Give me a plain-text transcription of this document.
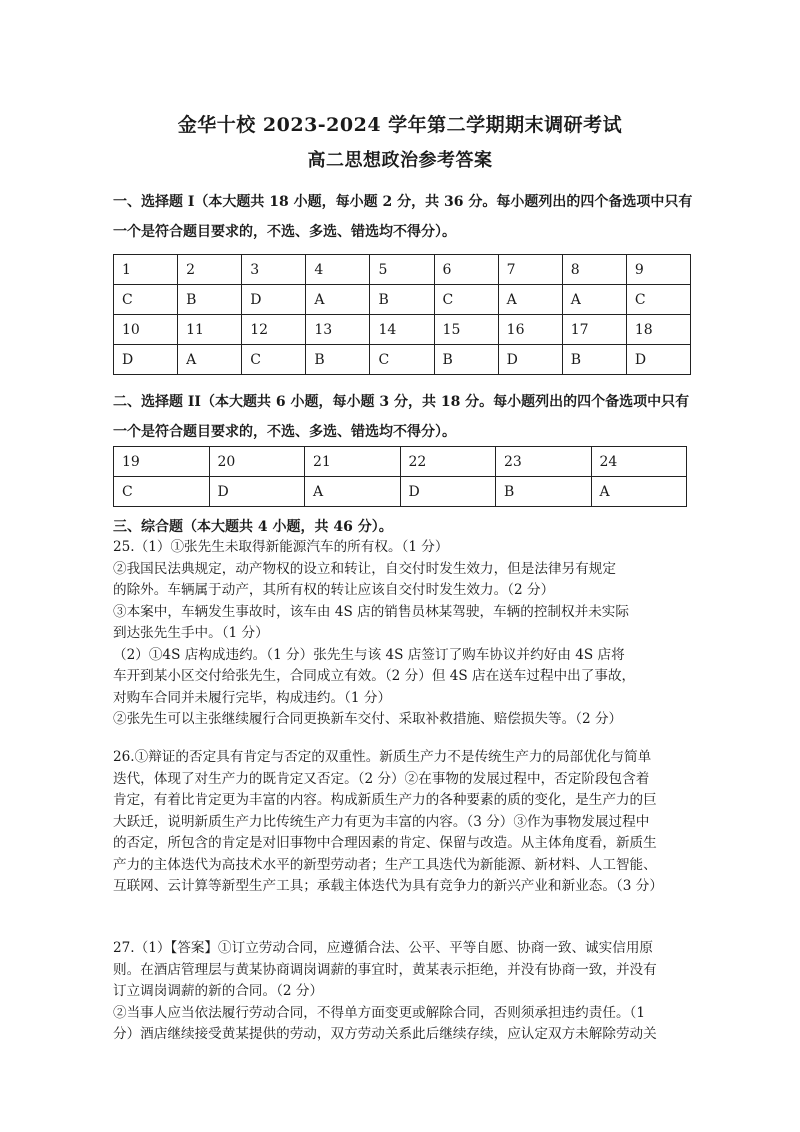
金华十校 2023-2024 学年第二学期期末调研考试
高二思想政治参考答案
一、选择题 I（本大题共 18 小题，每小题 2 分，共 36 分。每小题列出的四个备选项中只有
一个是符合题目要求的，不选、多选、错选均不得分）。
1	2	3	4	5	6	7	8	9
C	B	D	A	B	C	A	A	C
10	11	12	13	14	15	16	17	18
D	A	C	B	C	B	D	B	D
二、选择题 II（本大题共 6 小题，每小题 3 分，共 18 分。每小题列出的四个备选项中只有
一个是符合题目要求的，不选、多选、错选均不得分）。
19	20	21	22	23	24
C	D	A	D	B	A
三、综合题（本大题共 4 小题，共 46 分）。
25.（1）①张先生未取得新能源汽车的所有权。（1 分）
②我国民法典规定，动产物权的设立和转让，自交付时发生效力，但是法律另有规定
的除外。车辆属于动产，其所有权的转让应该自交付时发生效力。（2 分）
③本案中，车辆发生事故时，该车由 4S 店的销售员林某驾驶，车辆的控制权并未实际
到达张先生手中。（1 分）
（2）①4S 店构成违约。（1 分）张先生与该 4S 店签订了购车协议并约好由 4S 店将
车开到某小区交付给张先生，合同成立有效。（2 分）但 4S 店在送车过程中出了事故，
对购车合同并未履行完毕，构成违约。（1 分）
②张先生可以主张继续履行合同更换新车交付、采取补救措施、赔偿损失等。（2 分）
26.①辩证的否定具有肯定与否定的双重性。新质生产力不是传统生产力的局部优化与简单
迭代，体现了对生产力的既肯定又否定。（2 分）②在事物的发展过程中，否定阶段包含着
肯定，有着比肯定更为丰富的内容。构成新质生产力的各种要素的质的变化，是生产力的巨
大跃迁，说明新质生产力比传统生产力有更为丰富的内容。（3 分）③作为事物发展过程中
的否定，所包含的肯定是对旧事物中合理因素的肯定、保留与改造。从主体角度看，新质生
产力的主体迭代为高技术水平的新型劳动者；生产工具迭代为新能源、新材料、人工智能、
互联网、云计算等新型生产工具；承载主体迭代为具有竞争力的新兴产业和新业态。（3 分）
27.（1）【答案】①订立劳动合同，应遵循合法、公平、平等自愿、协商一致、诚实信用原
则。在酒店管理层与黄某协商调岗调薪的事宜时，黄某表示拒绝，并没有协商一致，并没有
订立调岗调薪的新的合同。（2 分）
②当事人应当依法履行劳动合同，不得单方面变更或解除合同，否则须承担违约责任。（1
分）酒店继续接受黄某提供的劳动，双方劳动关系此后继续存续，应认定双方未解除劳动关
